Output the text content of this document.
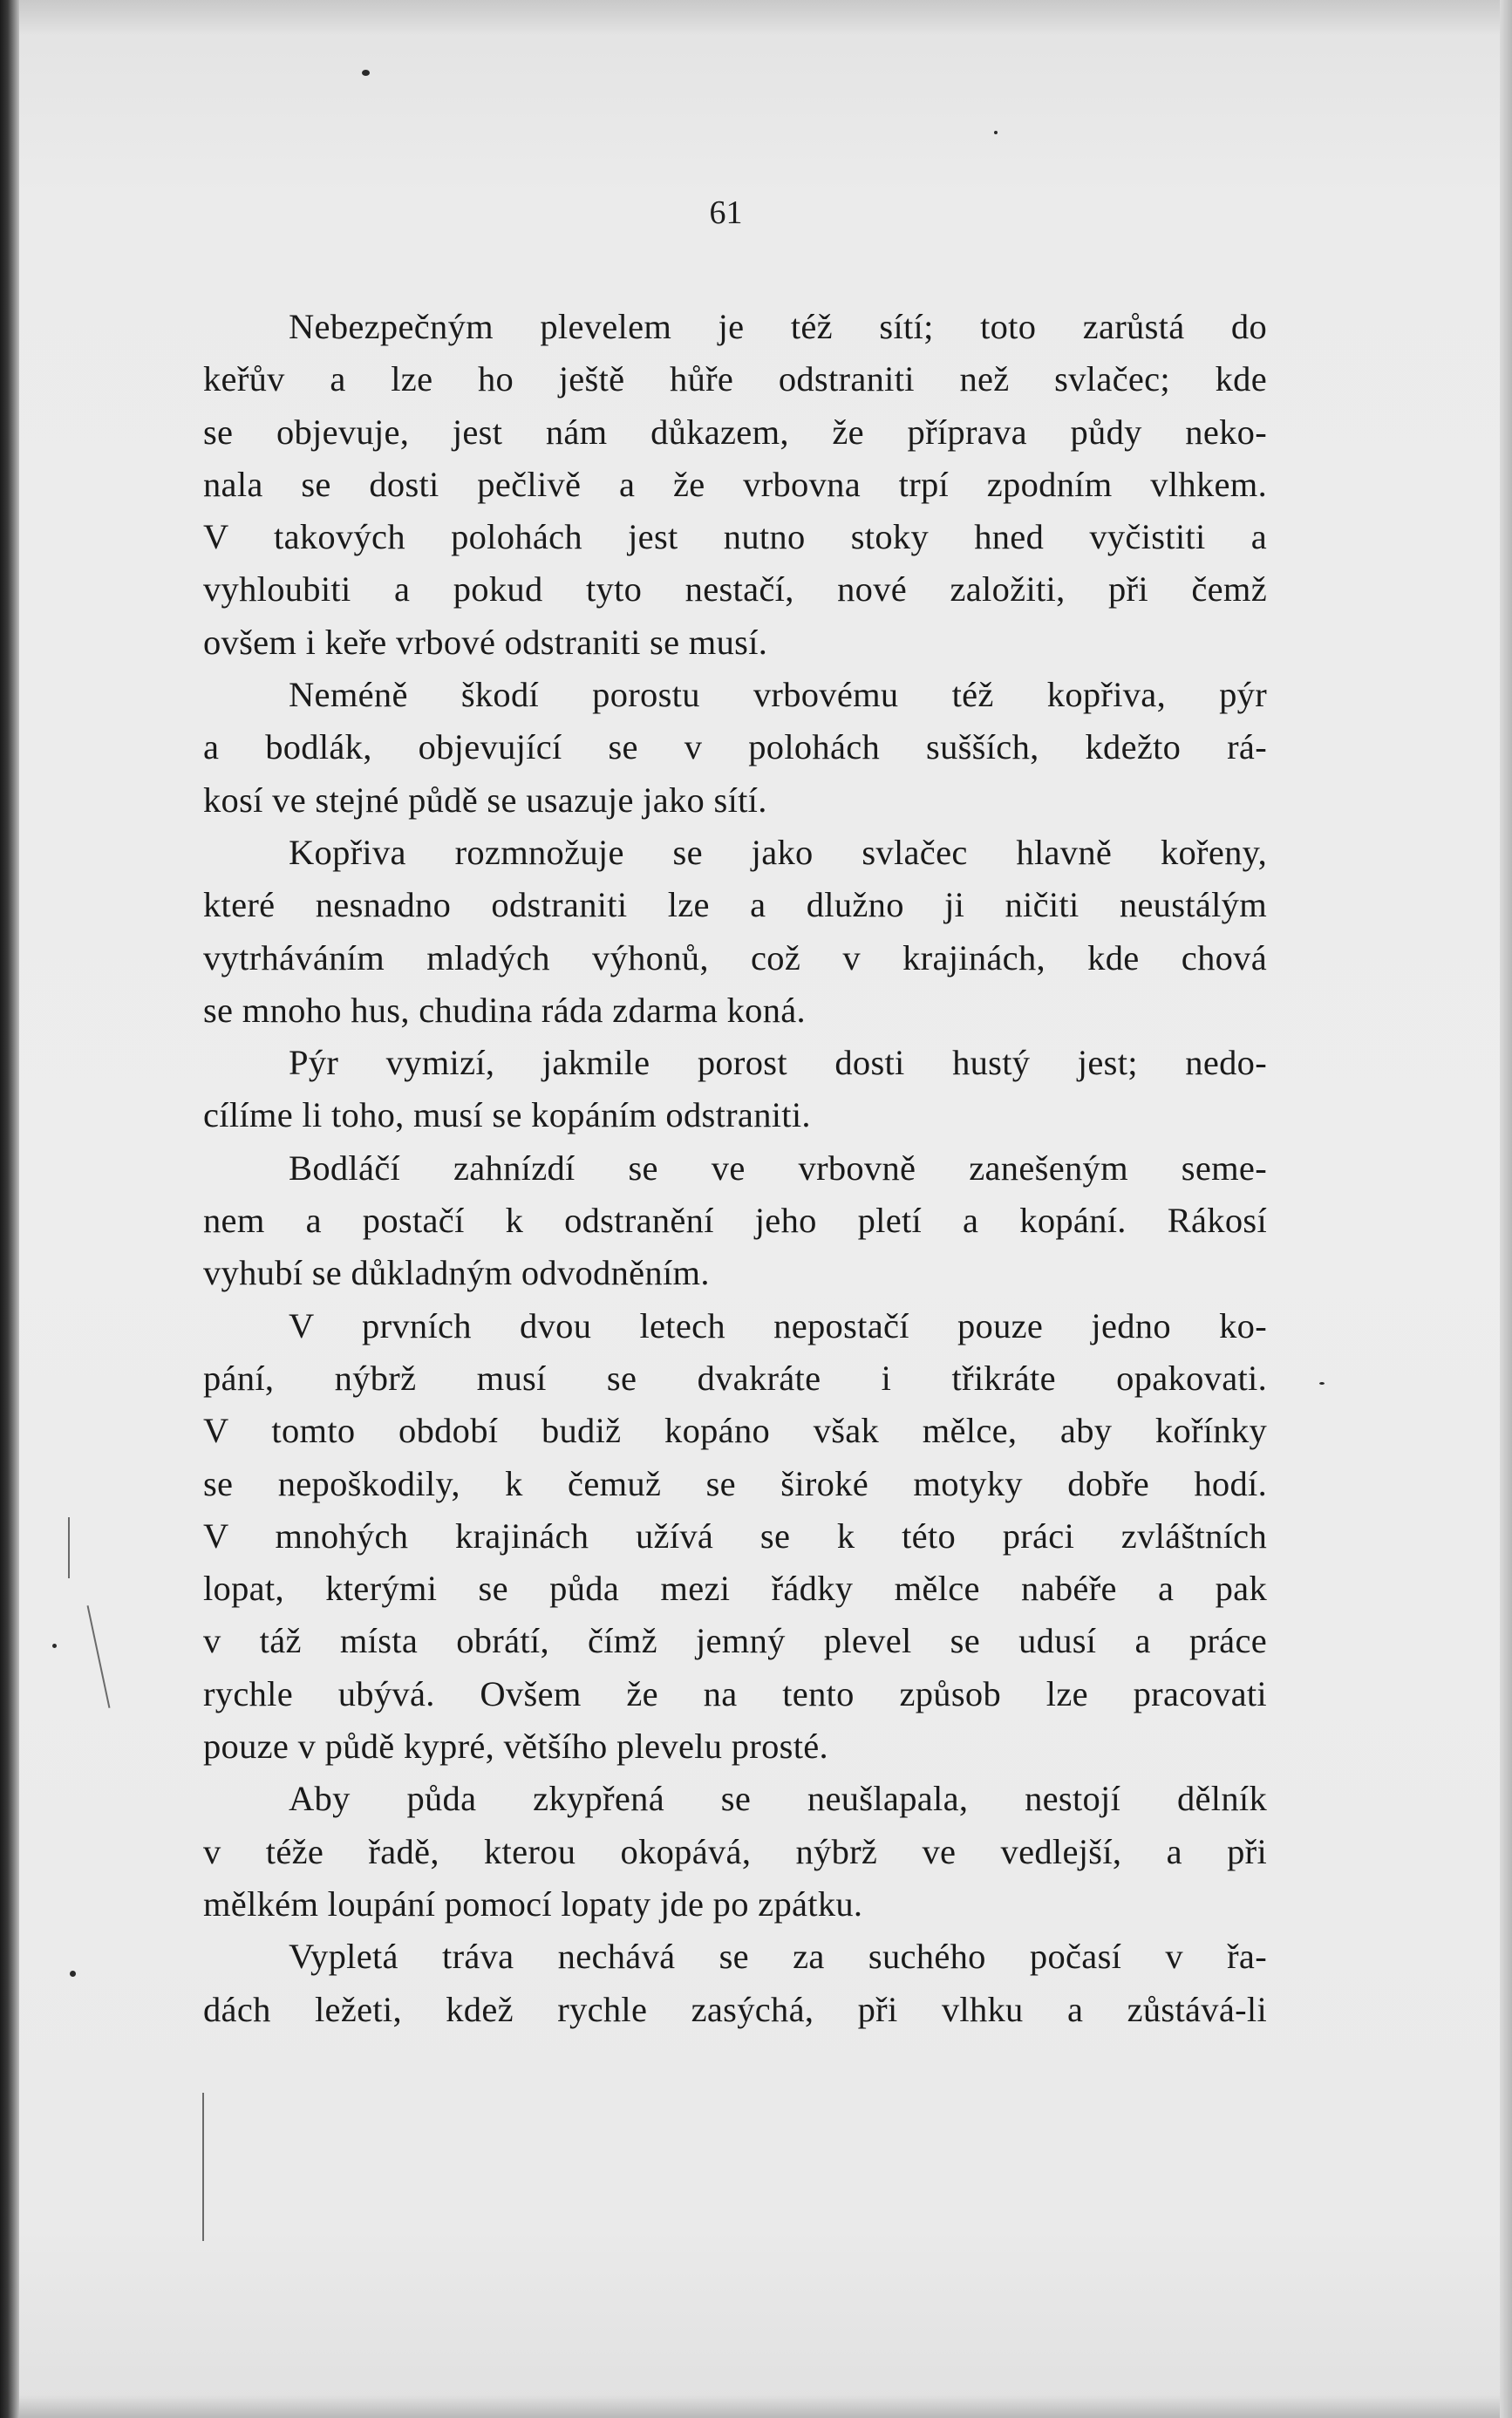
61

Nebezpečným plevelem je též sítí; toto zarůstá do
keřův a lze ho ještě hůře odstraniti než svlačec; kde
se objevuje, jest nám důkazem, že příprava půdy neko-
nala se dosti pečlivě a že vrbovna trpí zpodním vlhkem.
V takových polohách jest nutno stoky hned vyčistiti a
vyhloubiti a pokud tyto nestačí, nové založiti, při čemž
ovšem i keře vrbové odstraniti se musí.

Neméně škodí porostu vrbovému též kopřiva, pýr
a bodlák, objevující se v polohách sušších, kdežto rá-
kosí ve stejné půdě se usazuje jako sítí.

Kopřiva rozmnožuje se jako svlačec hlavně kořeny,
které nesnadno odstraniti lze a dlužno ji ničiti neustálým
vytrháváním mladých výhonů, což v krajinách, kde chová
se mnoho hus, chudina ráda zdarma koná.

Pýr vymizí, jakmile porost dosti hustý jest; nedo-
cílíme li toho, musí se kopáním odstraniti.

Bodláčí zahnízdí se ve vrbovně zanešeným seme-
nem a postačí k odstranění jeho pletí a kopání. Rákosí
vyhubí se důkladným odvodněním.

V prvních dvou letech nepostačí pouze jedno ko-
pání, nýbrž musí se dvakráte i třikráte opakovati.
V tomto období budiž kopáno však mělce, aby kořínky
se nepoškodily, k čemuž se široké motyky dobře hodí.
V mnohých krajinách užívá se k této práci zvláštních
lopat, kterými se půda mezi řádky mělce nabéře a pak
v táž místa obrátí, čímž jemný plevel se udusí a práce
rychle ubývá. Ovšem že na tento způsob lze pracovati
pouze v půdě kypré, většího plevelu prosté.

Aby půda zkypřená se neušlapala, nestojí dělník
v téže řadě, kterou okopává, nýbrž ve vedlejší, a při
mělkém loupání pomocí lopaty jde po zpátku.

Vypletá tráva nechává se za suchého počasí v řa-
dách ležeti, kdež rychle zasýchá, při vlhku a zůstává-li
